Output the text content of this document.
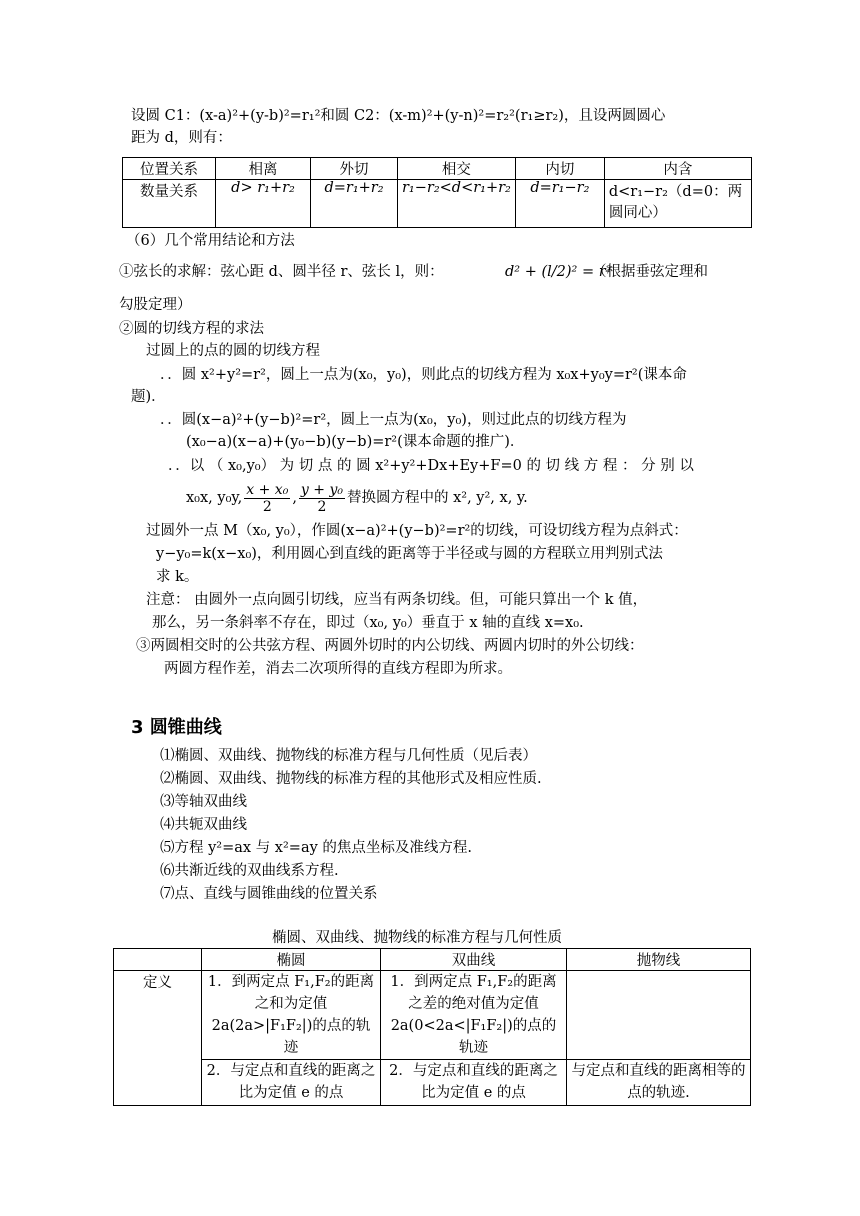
设圆 C1：(x-a)²+(y-b)²=r₁²和圆 C2：(x-m)²+(y-n)²=r₂²(r₁≥r₂)，且设两圆圆心
距为 d，则有：
位置关系	相离	外切	相交	内切	内含
数量关系	d> r₁+r₂	d=r₁+r₂	r₁−r₂<d<r₁+r₂	d=r₁−r₂	d<r₁−r₂（d=0：两圆同心）
（6）几个常用结论和方法
①弦长的求解：弦心距 d、圆半径 r、弦长 l，则：	d² + (l/2)² = r²
（根据垂弦定理和
勾股定理）
②圆的切线方程的求法
过圆上的点的圆的切线方程
．．圆 x²+y²=r²，圆上一点为(x₀，y₀)，则此点的切线方程为 x₀x+y₀y=r²(课本命
题)．
．．圆(x−a)²+(y−b)²=r²，圆上一点为(x₀，y₀)，则过此点的切线方程为
(x₀−a)(x−a)+(y₀−b)(y−b)=r²(课本命题的推广)．
．．以 （ x₀,y₀） 为 切 点 的 圆 x²+y²+Dx+Ey+F=0 的 切 线 方 程 ： 分 别 以
x₀x, y₀y, $\frac{\text{x + x₀}}{2}$ , $\frac{\text{y + y₀}}{2}$ 替换圆方程中的 x², y², x, y.
过圆外一点 M（x₀, y₀），作圆(x−a)²+(y−b)²=r²的切线，可设切线方程为点斜式：
y−y₀=k(x−x₀)，利用圆心到直线的距离等于半径或与圆的方程联立用判别式法
求 k。
注意： 由圆外一点向圆引切线，应当有两条切线。但，可能只算出一个 k 值，
那么，另一条斜率不存在，即过（x₀, y₀）垂直于 x 轴的直线 x=x₀.
③两圆相交时的公共弦方程、两圆外切时的内公切线、两圆内切时的外公切线：
两圆方程作差，消去二次项所得的直线方程即为所求。
3 圆锥曲线
⑴椭圆、双曲线、抛物线的标准方程与几何性质（见后表）
⑵椭圆、双曲线、抛物线的标准方程的其他形式及相应性质.
⑶等轴双曲线
⑷共轭双曲线
⑸方程 y²=ax 与 x²=ay 的焦点坐标及准线方程.
⑹共渐近线的双曲线系方程.
⑺点、直线与圆锥曲线的位置关系
椭圆、双曲线、抛物线的标准方程与几何性质
	椭圆	双曲线	抛物线
定义	1．到两定点 F₁,F₂的距离之和为定值 2a(2a>|F₁F₂|)的点的轨迹	1．到两定点 F₁,F₂的距离之差的绝对值为定值 2a(0<2a<|F₁F₂|)的点的轨迹	
	2．与定点和直线的距离之比为定值 e 的点	2．与定点和直线的距离之比为定值 e 的点	与定点和直线的距离相等的点的轨迹.
